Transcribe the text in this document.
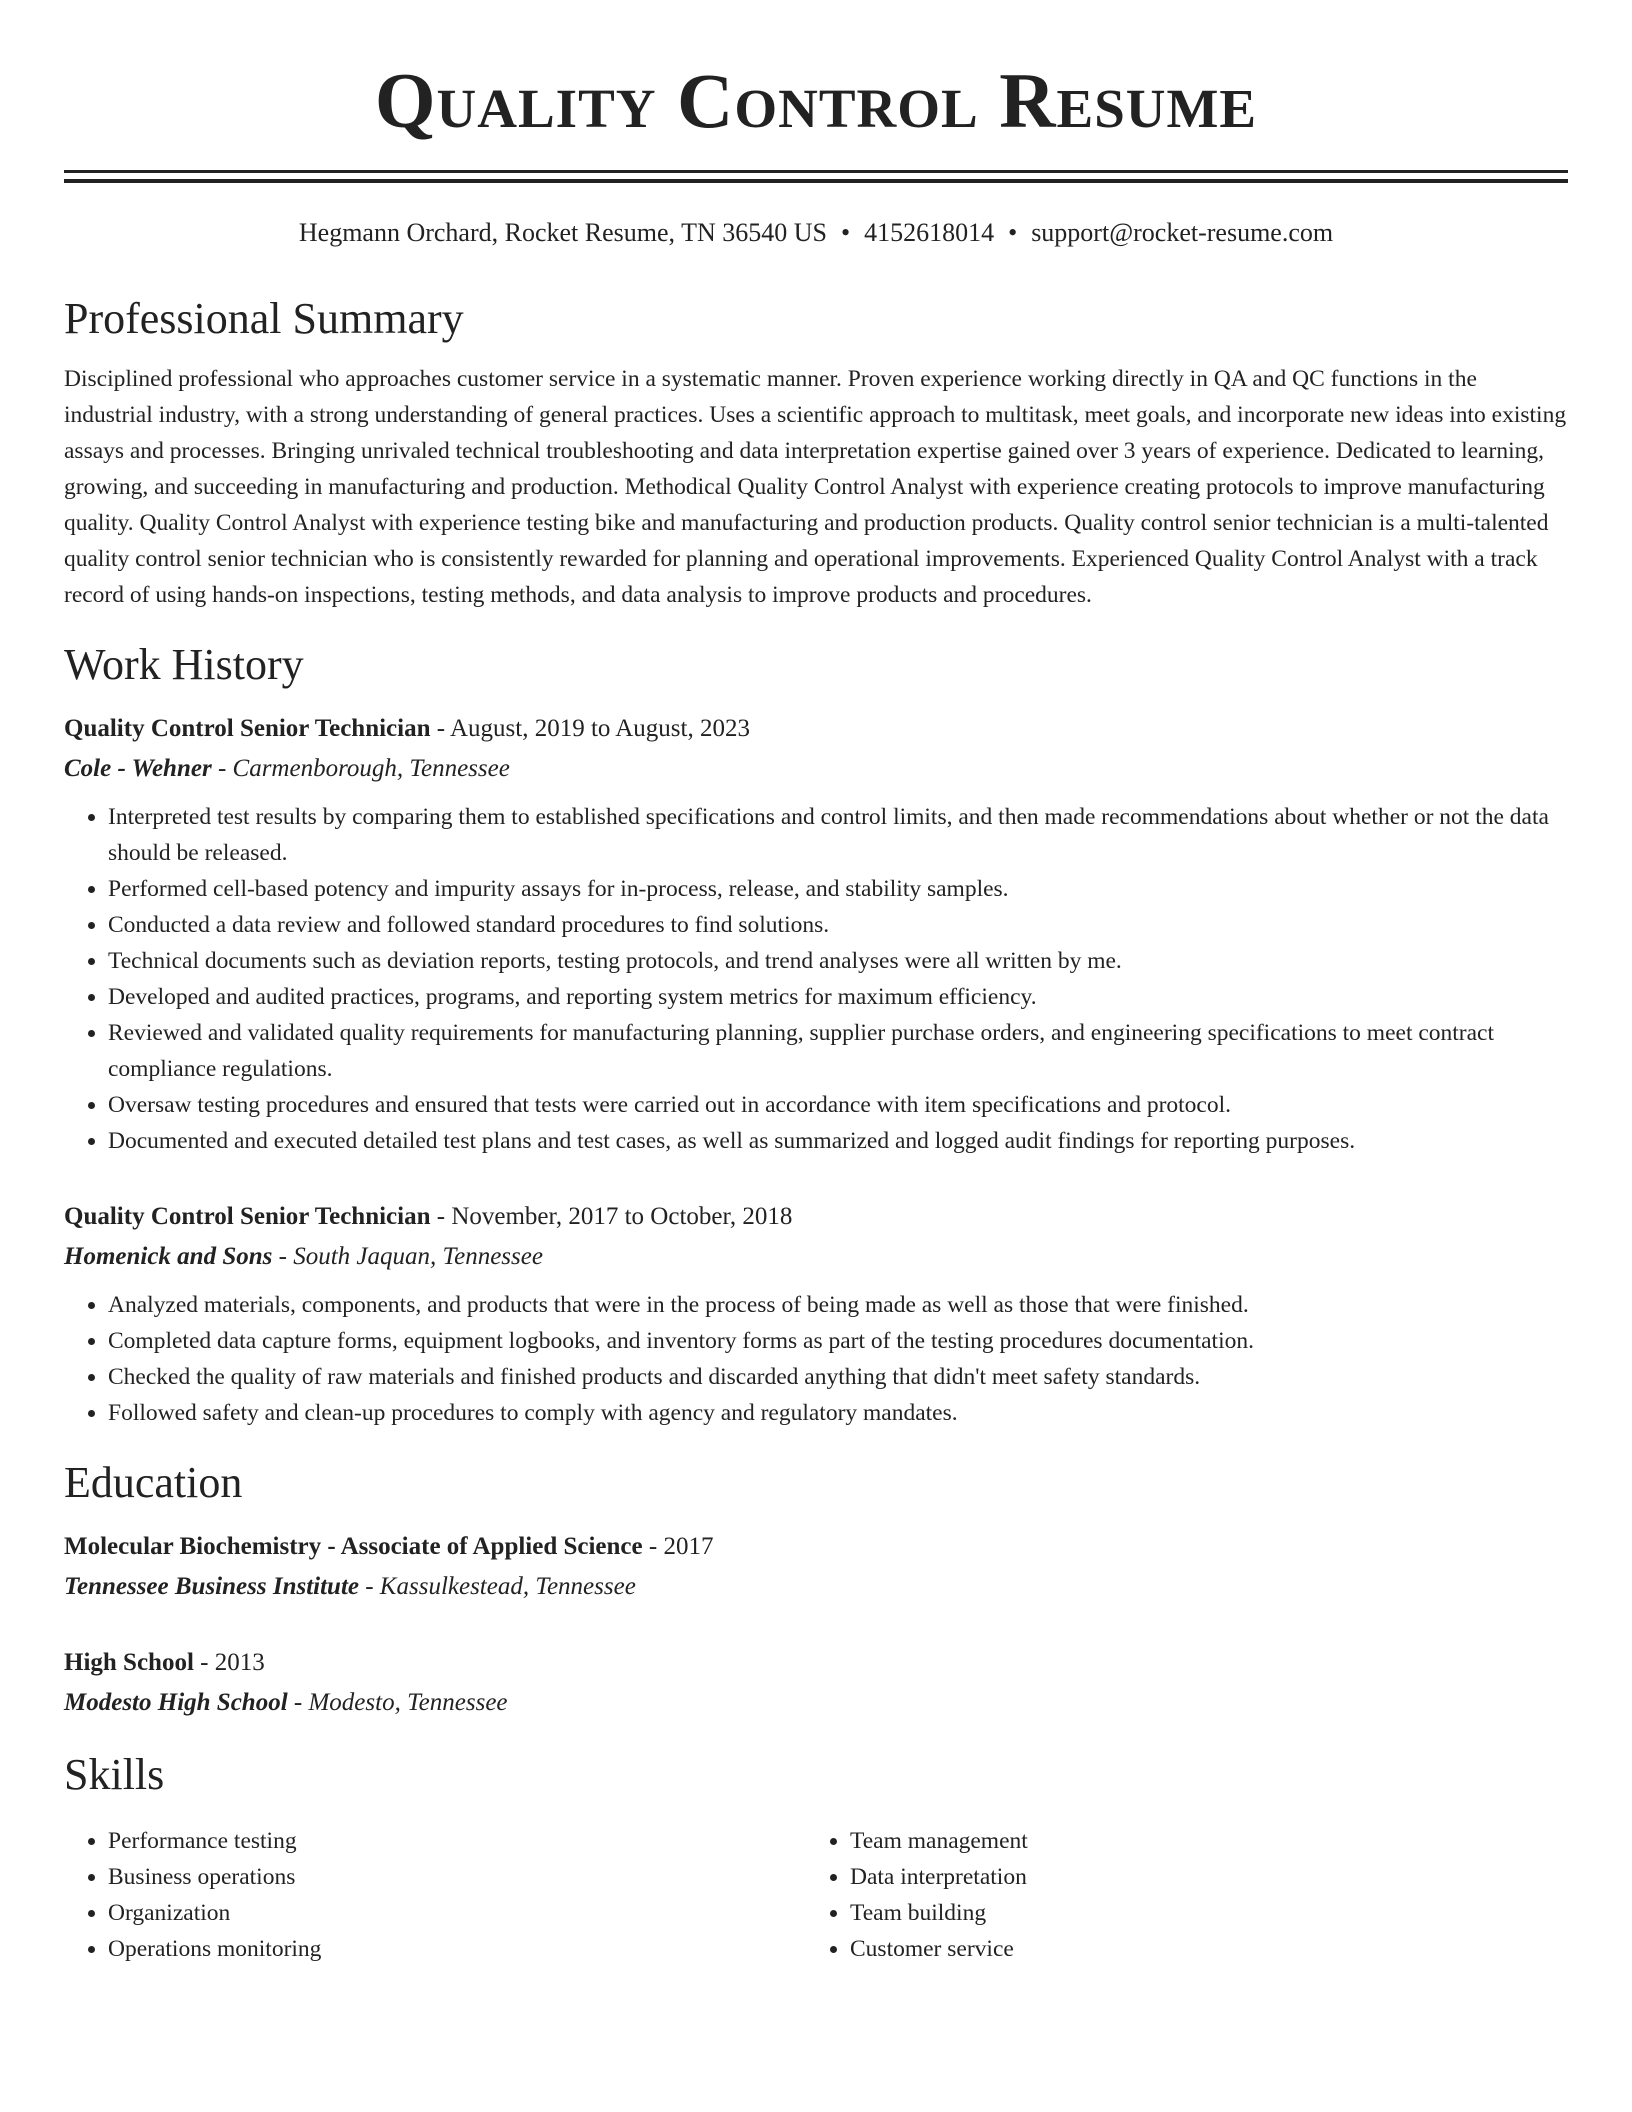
Quality Control Resume
Hegmann Orchard, Rocket Resume, TN 36540 US • 4152618014 • support@rocket-resume.com
Professional Summary
Disciplined professional who approaches customer service in a systematic manner. Proven experience working directly in QA and QC functions in the industrial industry, with a strong understanding of general practices. Uses a scientific approach to multitask, meet goals, and incorporate new ideas into existing assays and processes. Bringing unrivaled technical troubleshooting and data interpretation expertise gained over 3 years of experience. Dedicated to learning, growing, and succeeding in manufacturing and production. Methodical Quality Control Analyst with experience creating protocols to improve manufacturing quality. Quality Control Analyst with experience testing bike and manufacturing and production products. Quality control senior technician is a multi-talented quality control senior technician who is consistently rewarded for planning and operational improvements. Experienced Quality Control Analyst with a track record of using hands-on inspections, testing methods, and data analysis to improve products and procedures.
Work History
Quality Control Senior Technician - August, 2019 to August, 2023
Cole - Wehner - Carmenborough, Tennessee
• Interpreted test results by comparing them to established specifications and control limits, and then made recommendations about whether or not the data should be released.
• Performed cell-based potency and impurity assays for in-process, release, and stability samples.
• Conducted a data review and followed standard procedures to find solutions.
• Technical documents such as deviation reports, testing protocols, and trend analyses were all written by me.
• Developed and audited practices, programs, and reporting system metrics for maximum efficiency.
• Reviewed and validated quality requirements for manufacturing planning, supplier purchase orders, and engineering specifications to meet contract compliance regulations.
• Oversaw testing procedures and ensured that tests were carried out in accordance with item specifications and protocol.
• Documented and executed detailed test plans and test cases, as well as summarized and logged audit findings for reporting purposes.
Quality Control Senior Technician - November, 2017 to October, 2018
Homenick and Sons - South Jaquan, Tennessee
• Analyzed materials, components, and products that were in the process of being made as well as those that were finished.
• Completed data capture forms, equipment logbooks, and inventory forms as part of the testing procedures documentation.
• Checked the quality of raw materials and finished products and discarded anything that didn't meet safety standards.
• Followed safety and clean-up procedures to comply with agency and regulatory mandates.
Education
Molecular Biochemistry - Associate of Applied Science - 2017
Tennessee Business Institute - Kassulkestead, Tennessee
High School - 2013
Modesto High School - Modesto, Tennessee
Skills
• Performance testing
• Business operations
• Organization
• Operations monitoring
• Team management
• Data interpretation
• Team building
• Customer service
